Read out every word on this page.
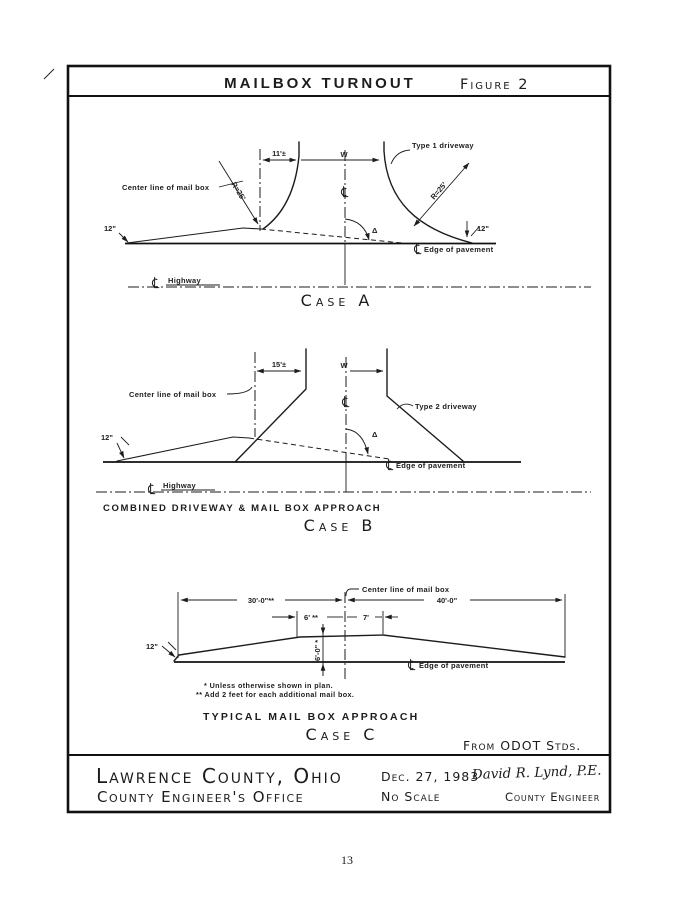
MAILBOX TURNOUT	Figure 2
11'±	W
R=25'	R=25'
Type 1 driveway
Center line of mail box
12"	Δ	12"
Edge of pavement
Highway
Case A
15'±	W
Type 2 driveway
Center line of mail box
12"	Δ
Edge of pavement
Highway
COMBINED DRIVEWAY & MAIL BOX APPROACH
Case B
Center line of mail box
30'-0"**	40'-0"
6' **	7'
6'-0" *
12"
Edge of pavement
* Unless otherwise shown in plan.
** Add 2 feet for each additional mail box.
TYPICAL MAIL BOX APPROACH
Case C
From ODOT Stds.
Lawrence County, Ohio
County Engineer's Office
Dec. 27, 1983
No Scale
David R. Lynd, P.E.
County Engineer
13
